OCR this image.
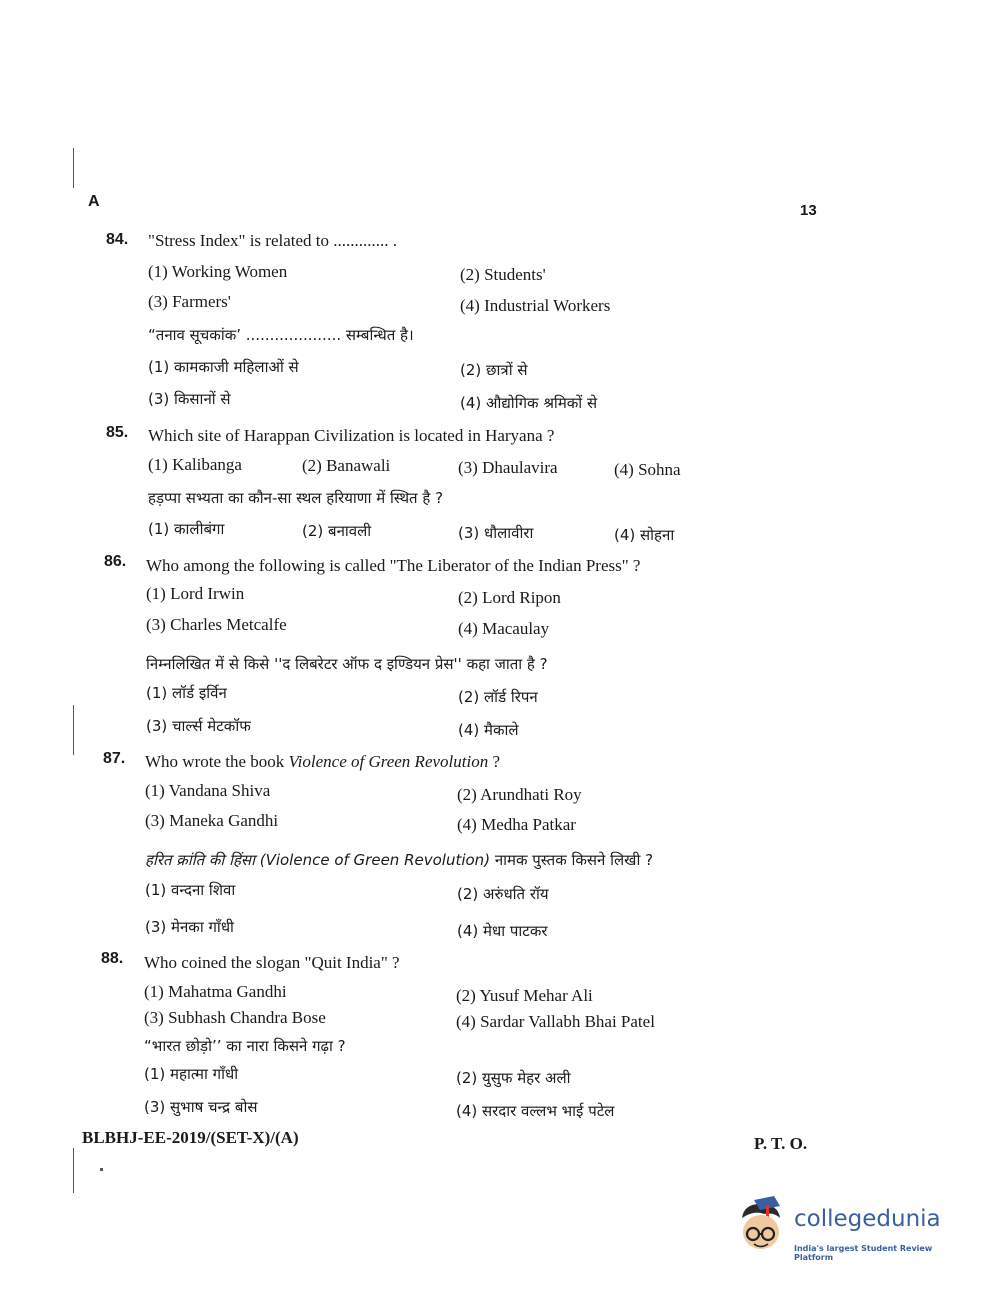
A
13
84. "Stress Index" is related to ............. .
(1) Working Women	(2) Students'
(3) Farmers'	(4) Industrial Workers
“तनाव सूचकांक’ .................... सम्बन्धित है।
(1) कामकाजी महिलाओं से	(2) छात्रों से
(3) किसानों से	(4) औद्योगिक श्रमिकों से
85. Which site of Harappan Civilization is located in Haryana ?
(1) Kalibanga	(2) Banawali	(3) Dhaulavira	(4) Sohna
हड़प्पा सभ्यता का कौन-सा स्थल हरियाणा में स्थित है ?
(1) कालीबंगा	(2) बनावली	(3) धौलावीरा	(4) सोहना
86. Who among the following is called "The Liberator of the Indian Press" ?
(1) Lord Irwin	(2) Lord Ripon
(3) Charles Metcalfe	(4) Macaulay
निम्नलिखित में से किसे ''द लिबरेटर ऑफ द इण्डियन प्रेस'' कहा जाता है ?
(1) लॉर्ड इर्विन	(2) लॉर्ड रिपन
(3) चार्ल्स मेटकॉफ	(4) मैकाले
87. Who wrote the book Violence of Green Revolution ?
(1) Vandana Shiva	(2) Arundhati Roy
(3) Maneka Gandhi	(4) Medha Patkar
हरित क्रांति की हिंसा (Violence of Green Revolution) नामक पुस्तक किसने लिखी ?
(1) वन्दना शिवा	(2) अरुंधति रॉय
(3) मेनका गाँधी	(4) मेधा पाटकर
88. Who coined the slogan "Quit India" ?
(1) Mahatma Gandhi	(2) Yusuf Mehar Ali
(3) Subhash Chandra Bose	(4) Sardar Vallabh Bhai Patel
“भारत छोड़ो’’ का नारा किसने गढ़ा ?
(1) महात्मा गाँधी	(2) युसुफ मेहर अली
(3) सुभाष चन्द्र बोस	(4) सरदार वल्लभ भाई पटेल
BLBHJ-EE-2019/(SET-X)/(A)	P. T. O.
collegedunia
India's largest Student Review Platform
